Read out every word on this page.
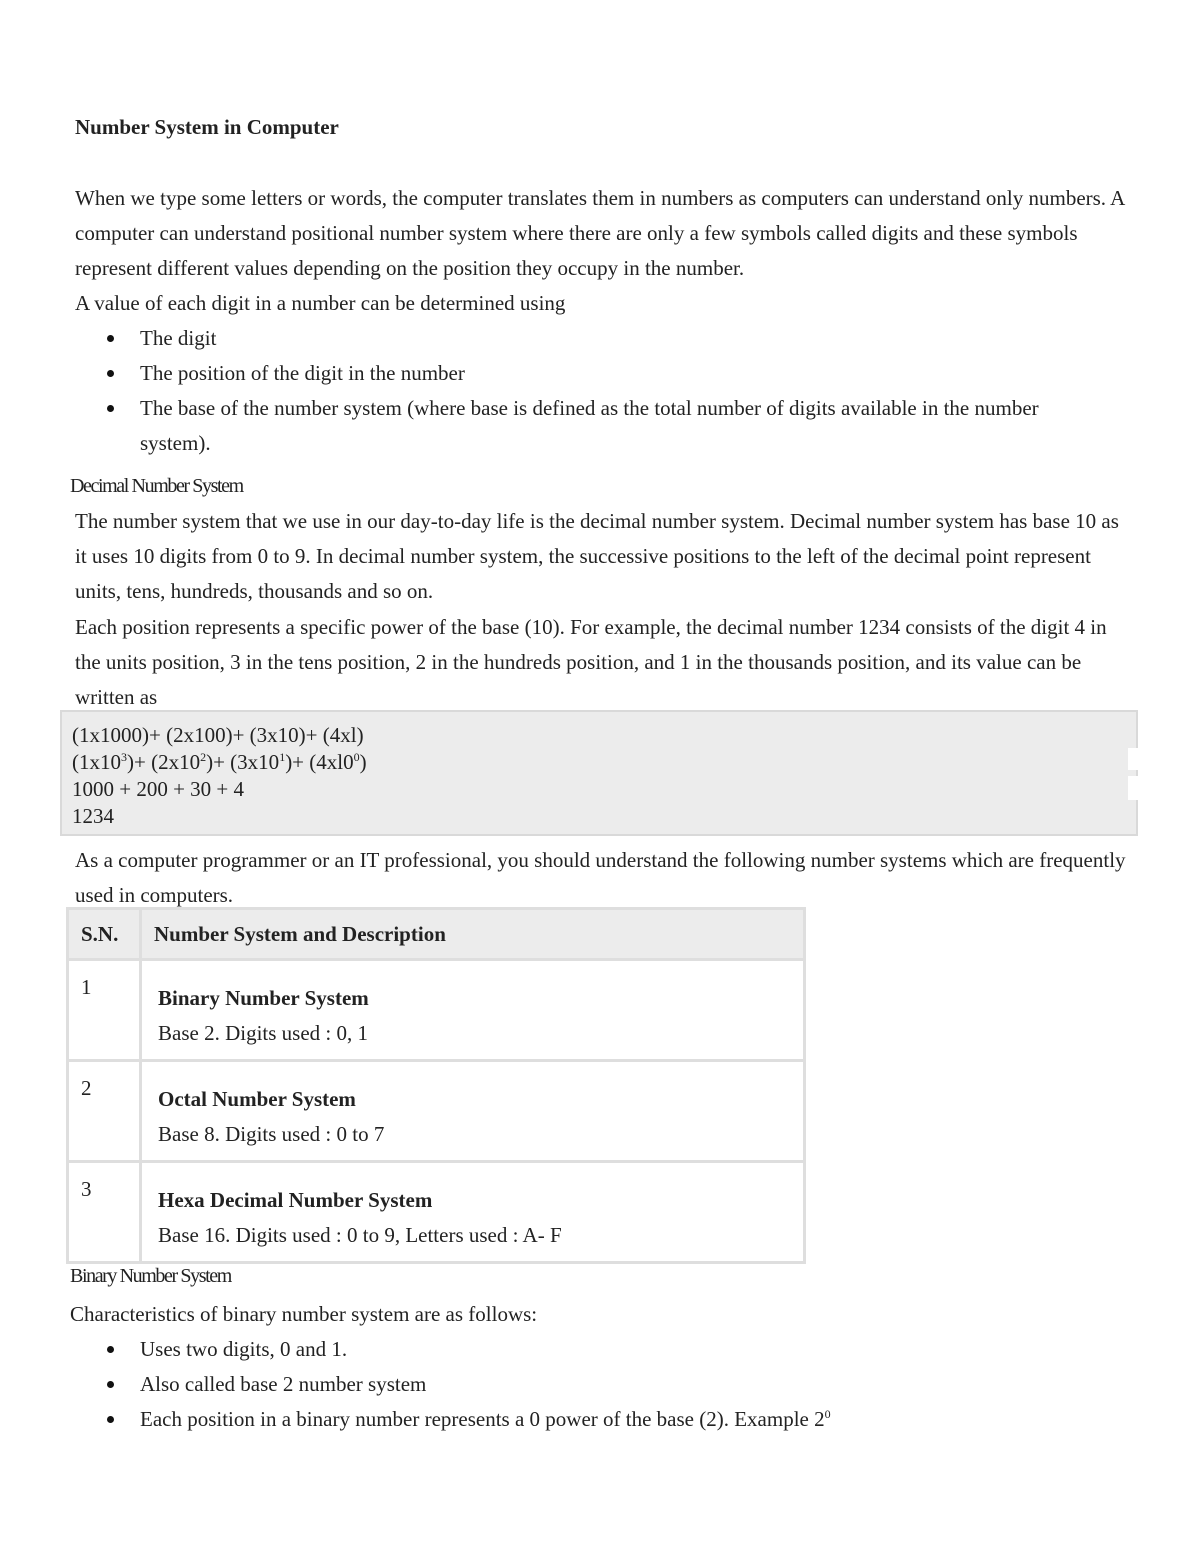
Number System in Computer
When we type some letters or words, the computer translates them in numbers as computers can understand only numbers. A computer can understand positional number system where there are only a few symbols called digits and these symbols represent different values depending on the position they occupy in the number.
A value of each digit in a number can be determined using
The digit
The position of the digit in the number
The base of the number system (where base is defined as the total number of digits available in the number system).
Decimal Number System
The number system that we use in our day-to-day life is the decimal number system. Decimal number system has base 10 as it uses 10 digits from 0 to 9. In decimal number system, the successive positions to the left of the decimal point represent units, tens, hundreds, thousands and so on.
Each position represents a specific power of the base (10). For example, the decimal number 1234 consists of the digit 4 in the units position, 3 in the tens position, 2 in the hundreds position, and 1 in the thousands position, and its value can be written as
(1x1000)+ (2x100)+ (3x10)+ (4xl)
$(1x10^3)+ (2x10^2)+ (3x10^1)+ (4xl0^0)$
1000 + 200 + 30 + 4
1234
As a computer programmer or an IT professional, you should understand the following number systems which are frequently used in computers.
S.N.	Number System and Description
1	Binary Number System
Base 2. Digits used : 0, 1
2	Octal Number System
Base 8. Digits used : 0 to 7
3	Hexa Decimal Number System
Base 16. Digits used : 0 to 9, Letters used : A- F
Binary Number System
Characteristics of binary number system are as follows:
Uses two digits, 0 and 1.
Also called base 2 number system
Each position in a binary number represents a 0 power of the base (2). Example $2^0$
